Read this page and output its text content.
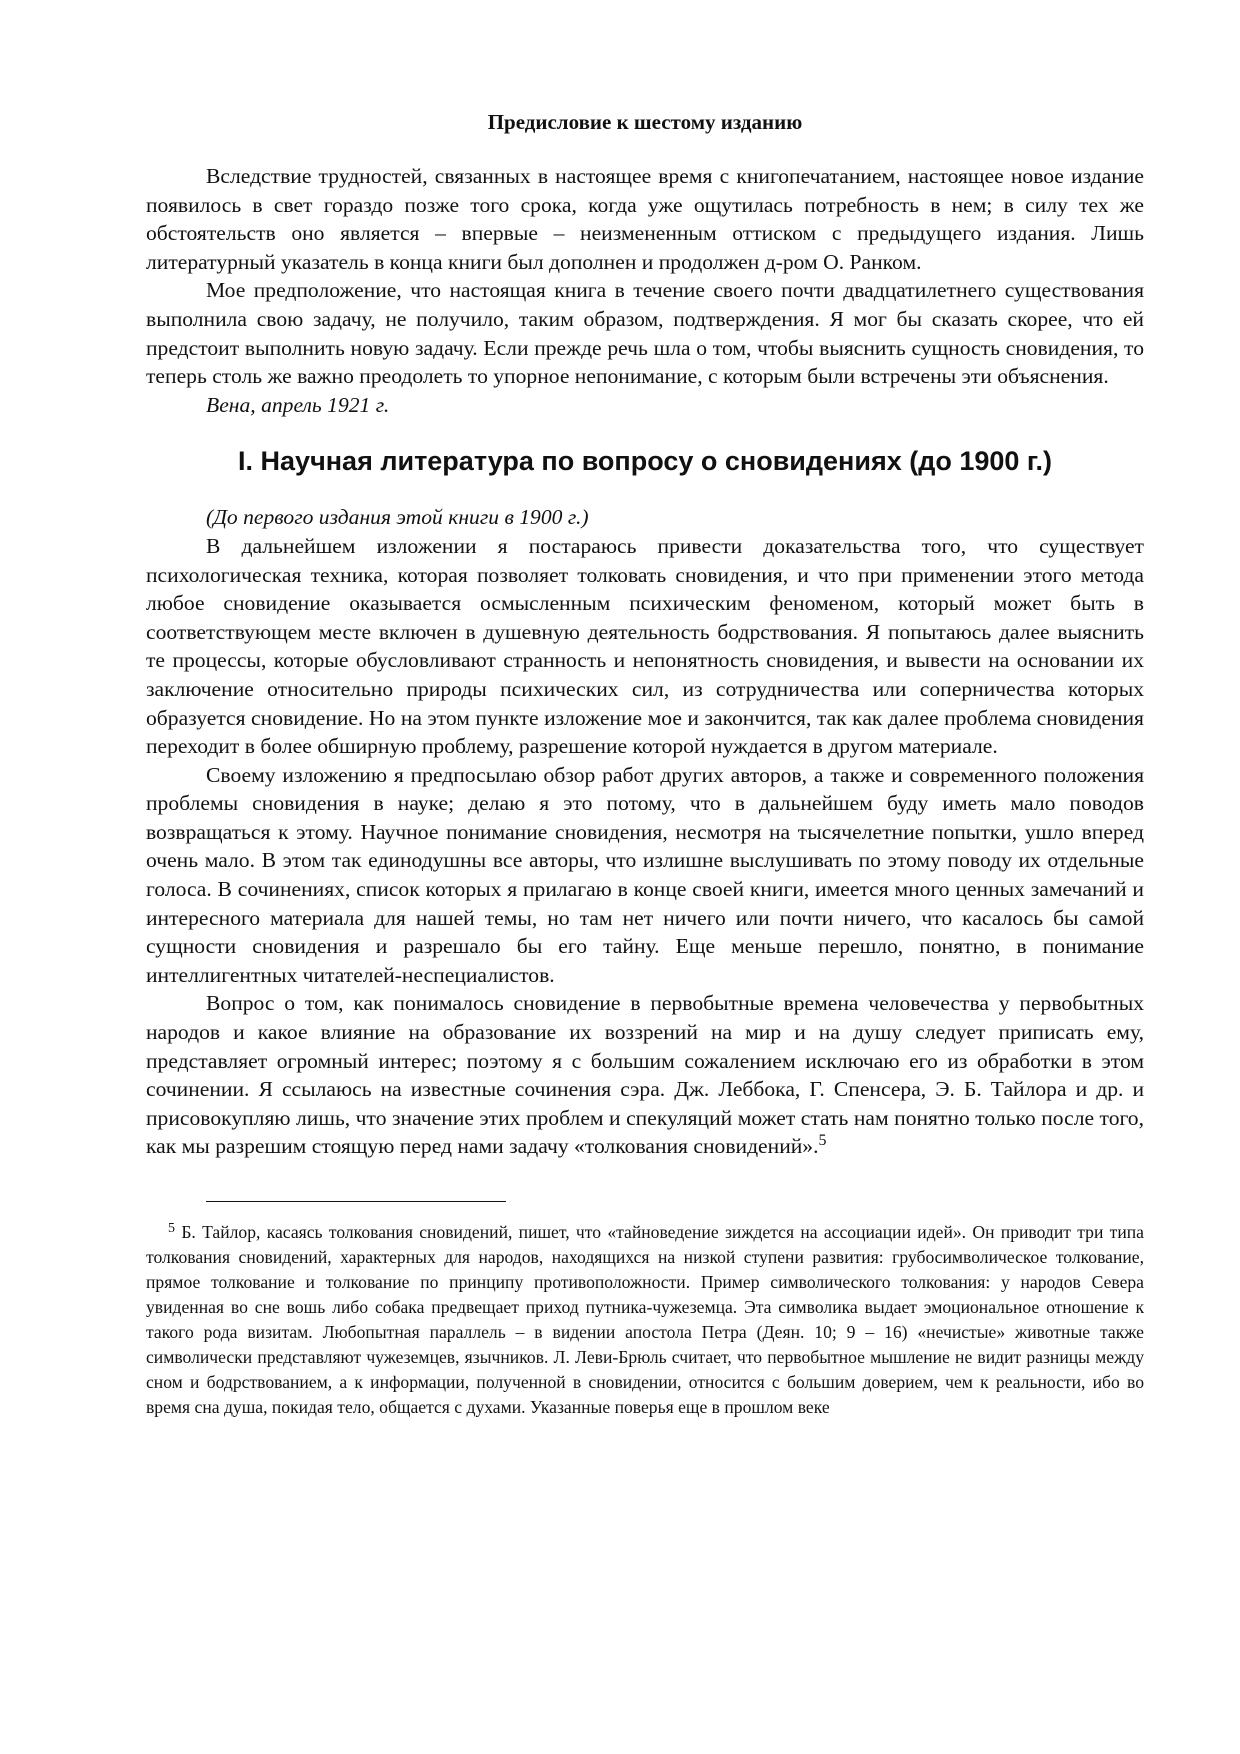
Предисловие к шестому изданию

Вследствие трудностей, связанных в настоящее время с книгопечатанием, настоящее новое издание появилось в свет гораздо позже того срока, когда уже ощутилась потребность в нем; в силу тех же обстоятельств оно является – впервые – неизмененным оттиском с предыдущего издания. Лишь литературный указатель в конца книги был дополнен и продолжен д-ром О. Ранком.

Мое предположение, что настоящая книга в течение своего почти двадцатилетнего существования выполнила свою задачу, не получило, таким образом, подтверждения. Я мог бы сказать скорее, что ей предстоит выполнить новую задачу. Если прежде речь шла о том, чтобы выяснить сущность сновидения, то теперь столь же важно преодолеть то упорное непонимание, с которым были встречены эти объяснения.

Вена, апрель 1921 г.

I. Научная литература по вопросу о сновидениях (до 1900 г.)

(До первого издания этой книги в 1900 г.)

В дальнейшем изложении я постараюсь привести доказательства того, что существует психологическая техника, которая позволяет толковать сновидения, и что при применении этого метода любое сновидение оказывается осмысленным психическим феноменом, который может быть в соответствующем месте включен в душевную деятельность бодрствования. Я попытаюсь далее выяснить те процессы, которые обусловливают странность и непонятность сновидения, и вывести на основании их заключение относительно природы психических сил, из сотрудничества или соперничества которых образуется сновидение. Но на этом пункте изложение мое и закончится, так как далее проблема сновидения переходит в более обширную проблему, разрешение которой нуждается в другом материале.

Своему изложению я предпосылаю обзор работ других авторов, а также и современного положения проблемы сновидения в науке; делаю я это потому, что в дальнейшем буду иметь мало поводов возвращаться к этому. Научное понимание сновидения, несмотря на тысячелетние попытки, ушло вперед очень мало. В этом так единодушны все авторы, что излишне выслушивать по этому поводу их отдельные голоса. В сочинениях, список которых я прилагаю в конце своей книги, имеется много ценных замечаний и интересного материала для нашей темы, но там нет ничего или почти ничего, что касалось бы самой сущности сновидения и разрешало бы его тайну. Еще меньше перешло, понятно, в понимание интеллигентных читателей-неспециалистов.

Вопрос о том, как понималось сновидение в первобытные времена человечества у первобытных народов и какое влияние на образование их воззрений на мир и на душу следует приписать ему, представляет огромный интерес; поэтому я с большим сожалением исключаю его из обработки в этом сочинении. Я ссылаюсь на известные сочинения сэра. Дж. Леббока, Г. Спенсера, Э. Б. Тайлора и др. и присовокупляю лишь, что значение этих проблем и спекуляций может стать нам понятно только после того, как мы разрешим стоящую перед нами задачу «толкования сновидений».$^5$

$^5$ Б. Тайлор, касаясь толкования сновидений, пишет, что «тайноведение зиждется на ассоциации идей». Он приводит три типа толкования сновидений, характерных для народов, находящихся на низкой ступени развития: грубосимволическое толкование, прямое толкование и толкование по принципу противоположности. Пример символического толкования: у народов Севера увиденная во сне вошь либо собака предвещает приход путника-чужеземца. Эта символика выдает эмоциональное отношение к такого рода визитам. Любопытная параллель – в видении апостола Петра (Деян. 10; 9 – 16) «нечистые» животные также символически представляют чужеземцев, язычников. Л. Леви-Брюль считает, что первобытное мышление не видит разницы между сном и бодрствованием, а к информации, полученной в сновидении, относится с большим доверием, чем к реальности, ибо во время сна душа, покидая тело, общается с духами. Указанные поверья еще в прошлом веке
